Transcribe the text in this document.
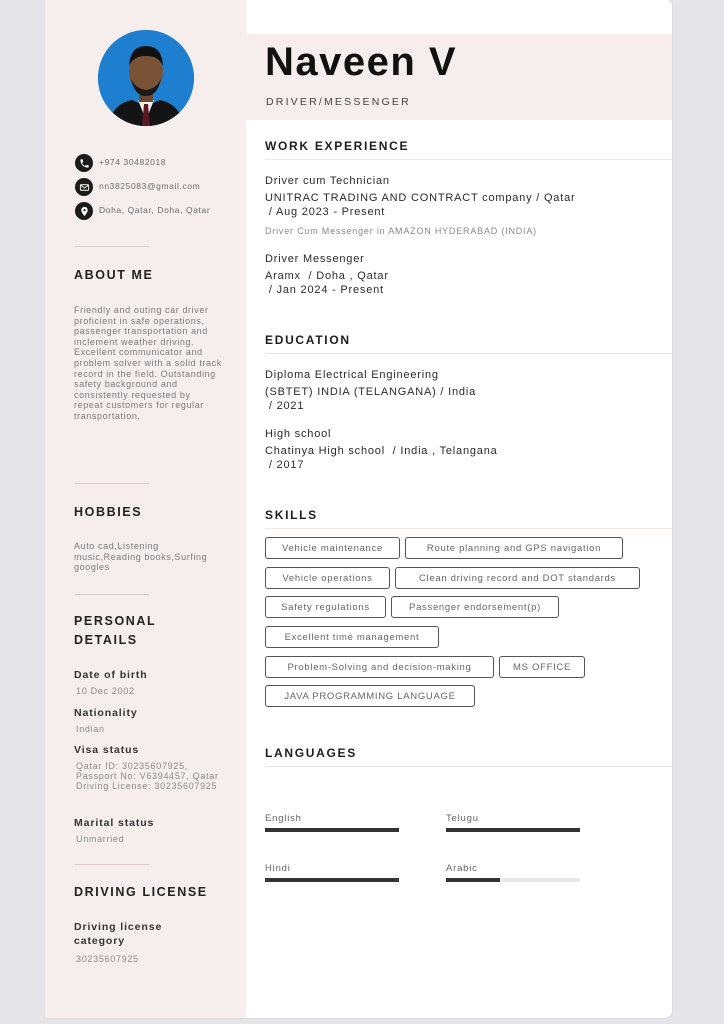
+974 30482018
nn3825083@gmail.com
Doha, Qatar, Doha, Qatar
ABOUT ME
Friendly and outing car driver proficient in safe operations, passenger transportation and inclement weather driving. Excellent communicator and problem solver with a solid track record in the field. Outstanding safety background and consistently requested by repeat customers for regular transportation.
HOBBIES
Auto cad,Listening music,Reading books,Surfing googles
PERSONAL
DETAILS
Date of birth
10 Dec 2002
Nationality
Indian
Visa status
Qatar ID: 30235607925, Passport No: V6394457, Qatar Driving License: 30235607925
Marital status
Unmarried
DRIVING LICENSE
Driving license category
30235607925
Naveen V
DRIVER/MESSENGER
WORK EXPERIENCE
Driver cum Technician
UNITRAC TRADING AND CONTRACT company / Qatar
/ Aug 2023 - Present
Driver Cum Messenger in AMAZON HYDERABAD (INDIA)
Driver Messenger
Aramx  / Doha , Qatar
/ Jan 2024 - Present
EDUCATION
Diploma Electrical Engineering
(SBTET) INDIA (TELANGANA) / India
/ 2021
High school
Chatinya High school  / India , Telangana
/ 2017
SKILLS
Vehicle maintenance	Route planning and GPS navigation
Vehicle operations	Clean driving record and DOT standards
Safety regulations	Passenger endorsement(p)
Excellent time management
Problem-Solving and decision-making	MS OFFICE
JAVA PROGRAMMING LANGUAGE
LANGUAGES
English	Telugu
Hindi	Arabic
